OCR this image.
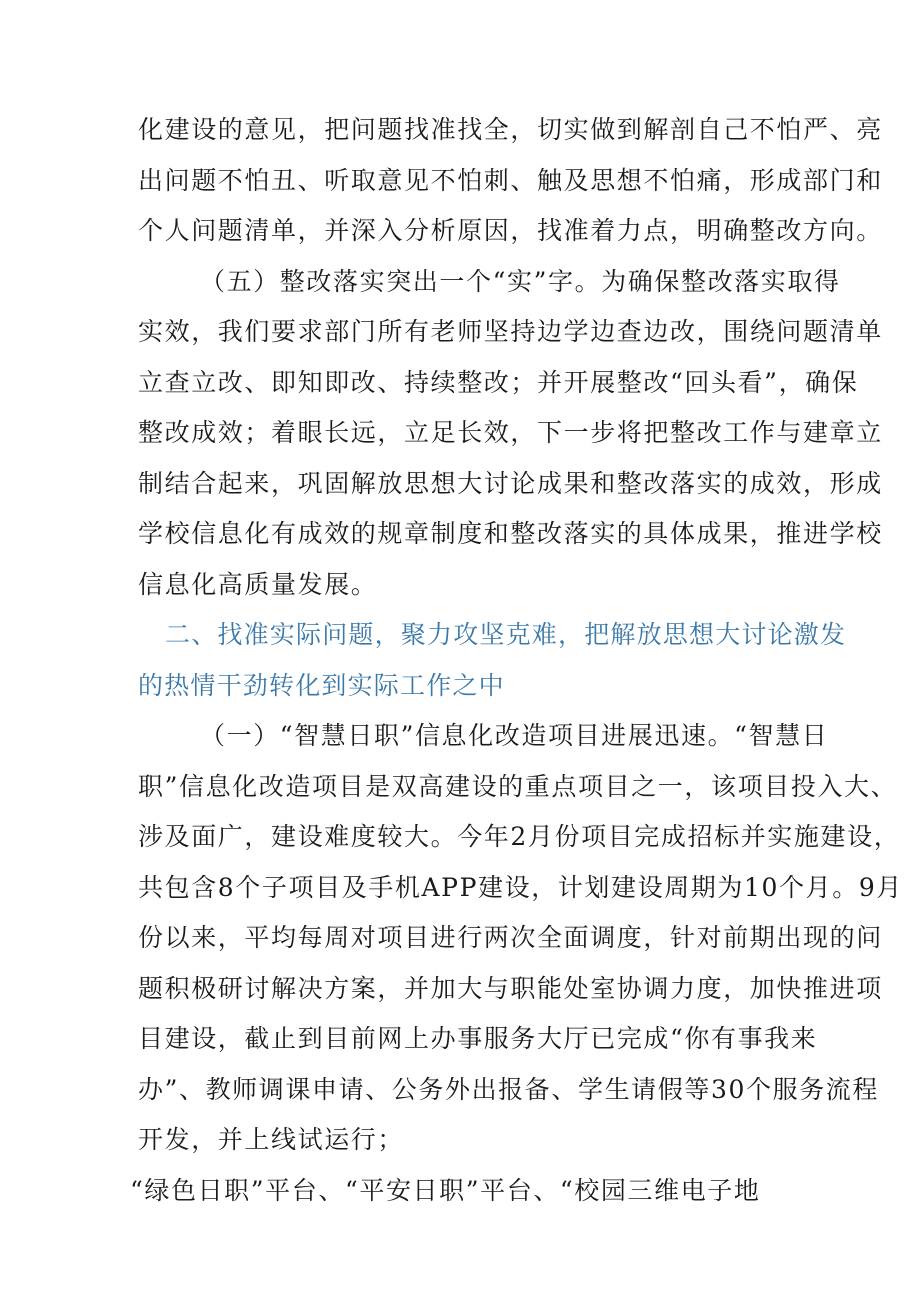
化建设的意见，把问题找准找全，切实做到解剖自己不怕严、亮
出问题不怕丑、听取意见不怕刺、触及思想不怕痛，形成部门和
个人问题清单，并深入分析原因，找准着力点，明确整改方向。
（五）整改落实突出一个“实”字。为确保整改落实取得
实效，我们要求部门所有老师坚持边学边查边改，围绕问题清单
立查立改、即知即改、持续整改；并开展整改“回头看”，确保
整改成效；着眼长远，立足长效，下一步将把整改工作与建章立
制结合起来，巩固解放思想大讨论成果和整改落实的成效，形成
学校信息化有成效的规章制度和整改落实的具体成果，推进学校
信息化高质量发展。
二、找准实际问题，聚力攻坚克难，把解放思想大讨论激发
的热情干劲转化到实际工作之中
（一）“智慧日职”信息化改造项目进展迅速。“智慧日
职”信息化改造项目是双高建设的重点项目之一，该项目投入大、
涉及面广，建设难度较大。今年2月份项目完成招标并实施建设，
共包含8个子项目及手机APP建设，计划建设周期为10个月。9月
份以来，平均每周对项目进行两次全面调度，针对前期出现的问
题积极研讨解决方案，并加大与职能处室协调力度，加快推进项
目建设，截止到目前网上办事服务大厅已完成“你有事我来
办”、教师调课申请、公务外出报备、学生请假等30个服务流程
开发，并上线试运行；
“绿色日职”平台、“平安日职”平台、“校园三维电子地
